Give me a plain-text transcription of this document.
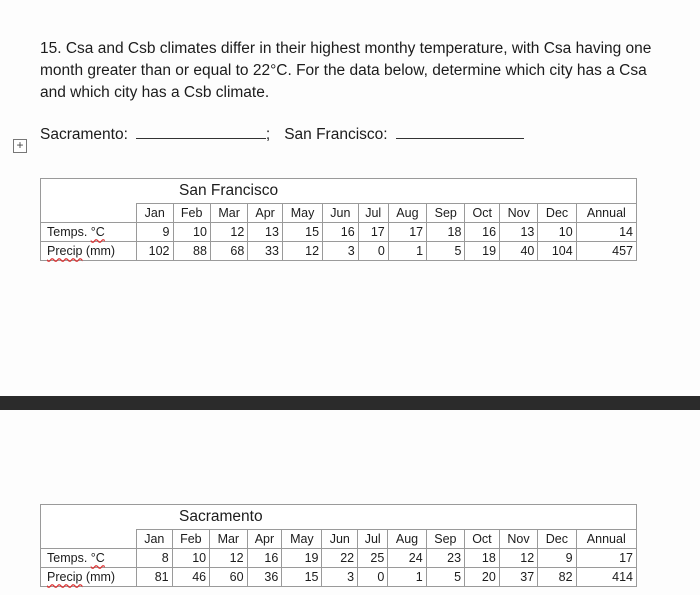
15. Csa and Csb climates differ in their highest monthy temperature, with Csa having one month greater than or equal to 22°C. For the data below, determine which city has a Csa and which city has a Csb climate.
Sacramento:	; San Francisco:
+
San Francisco													
	Jan	Feb	Mar	Apr	May	Jun	Jul	Aug	Sep	Oct	Nov	Dec	Annual
Temps. °C	9	10	12	13	15	16	17	17	18	16	13	10	14
Precip (mm)	102	88	68	33	12	3	0	1	5	19	40	104	457
Sacramento													
	Jan	Feb	Mar	Apr	May	Jun	Jul	Aug	Sep	Oct	Nov	Dec	Annual
Temps. °C	8	10	12	16	19	22	25	24	23	18	12	9	17
Precip (mm)	81	46	60	36	15	3	0	1	5	20	37	82	414
